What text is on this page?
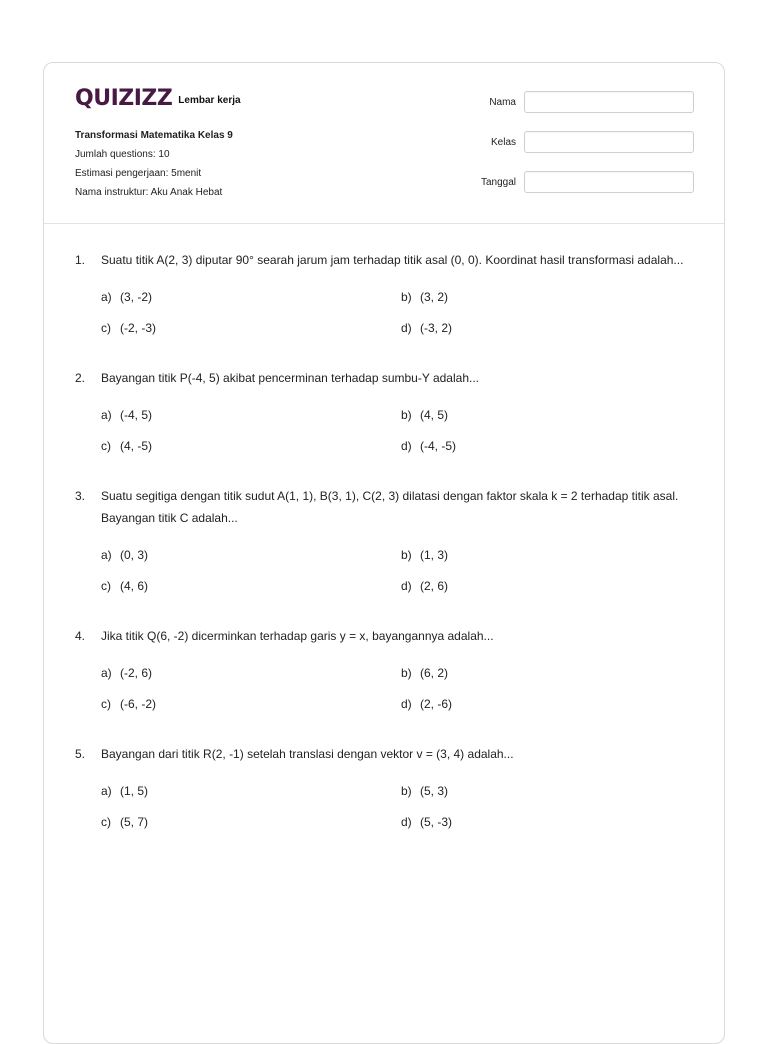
QUIZIZZ Lembar kerja
Transformasi Matematika Kelas 9
Jumlah questions: 10
Estimasi pengerjaan: 5menit
Nama instruktur: Aku Anak Hebat
Nama
Kelas
Tanggal
1.	Suatu titik A(2, 3) diputar 90° searah jarum jam terhadap titik asal (0, 0). Koordinat hasil transformasi adalah...
a) (3, -2)	b) (3, 2)
c) (-2, -3)	d) (-3, 2)
2.	Bayangan titik P(-4, 5) akibat pencerminan terhadap sumbu-Y adalah...
a) (-4, 5)	b) (4, 5)
c) (4, -5)	d) (-4, -5)
3.	Suatu segitiga dengan titik sudut A(1, 1), B(3, 1), C(2, 3) dilatasi dengan faktor skala k = 2 terhadap titik asal. Bayangan titik C adalah...
a) (0, 3)	b) (1, 3)
c) (4, 6)	d) (2, 6)
4.	Jika titik Q(6, -2) dicerminkan terhadap garis y = x, bayangannya adalah...
a) (-2, 6)	b) (6, 2)
c) (-6, -2)	d) (2, -6)
5.	Bayangan dari titik R(2, -1) setelah translasi dengan vektor v = (3, 4) adalah...
a) (1, 5)	b) (5, 3)
c) (5, 7)	d) (5, -3)
